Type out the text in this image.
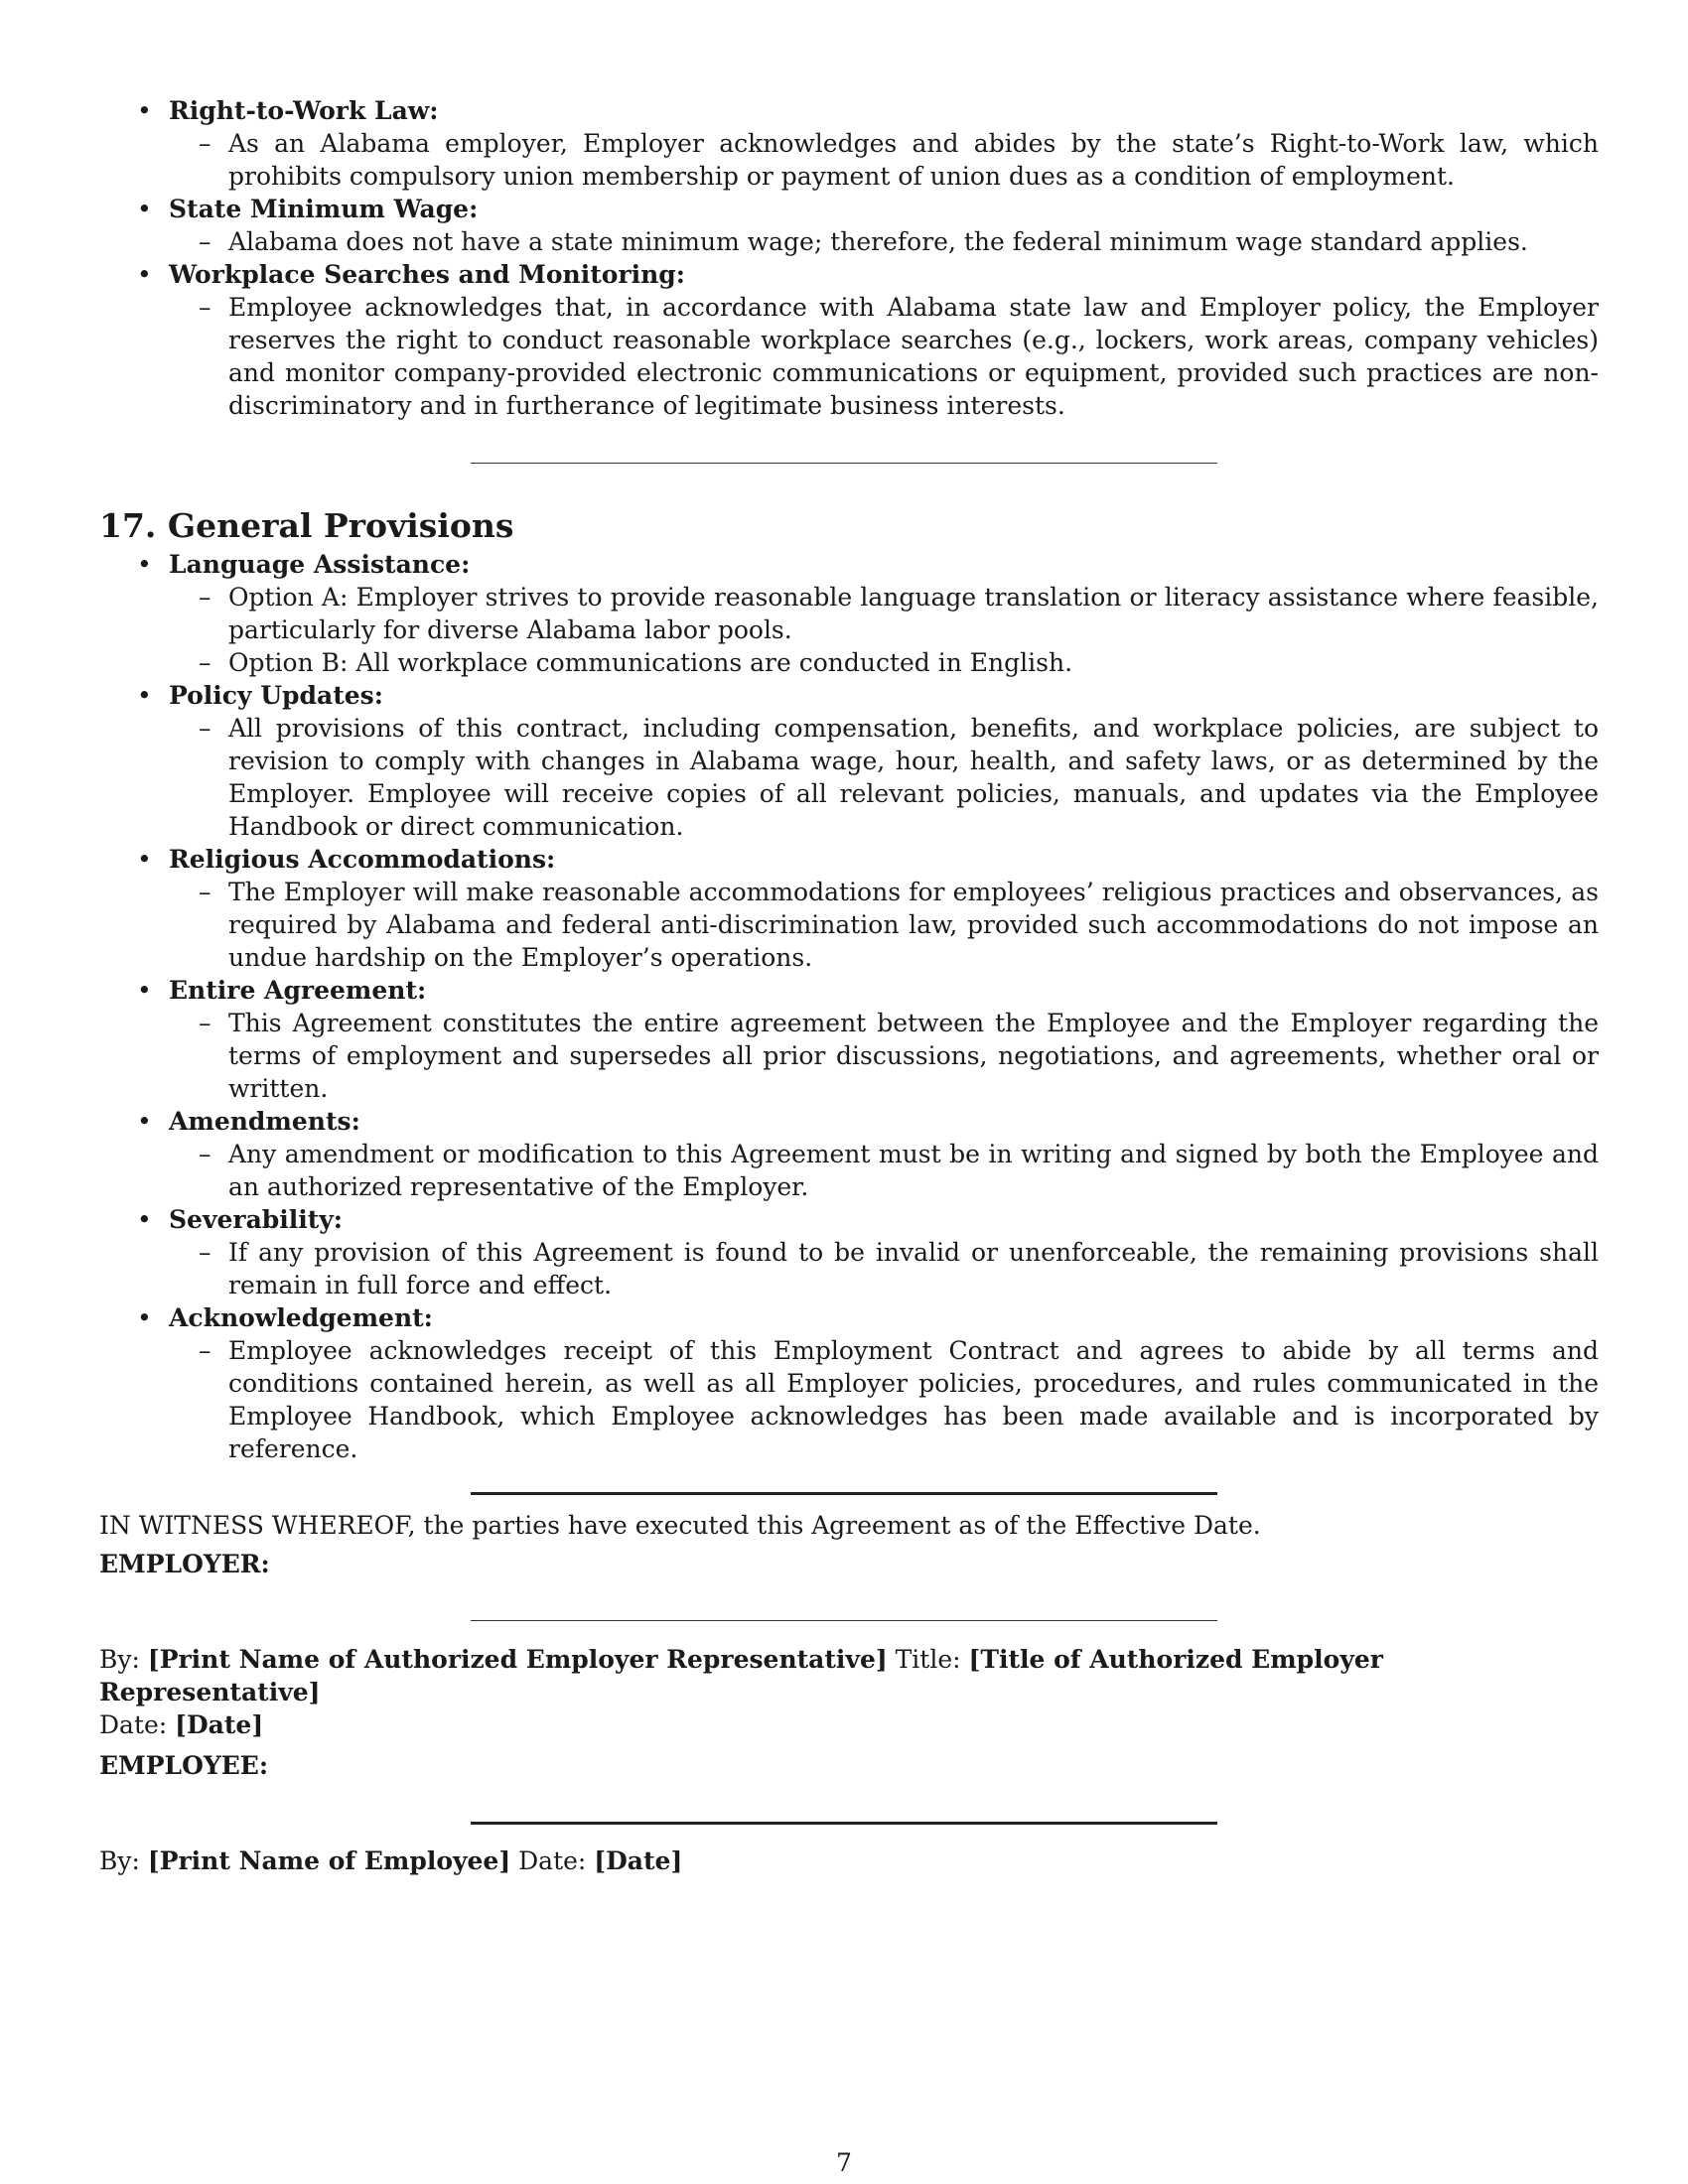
• Right-to-Work Law:
– As an Alabama employer, Employer acknowledges and abides by the state’s Right-to-Work law, which prohibits compulsory union membership or payment of union dues as a condition of employment.
• State Minimum Wage:
– Alabama does not have a state minimum wage; therefore, the federal minimum wage standard applies.
• Workplace Searches and Monitoring:
– Employee acknowledges that, in accordance with Alabama state law and Employer policy, the Employer reserves the right to conduct reasonable workplace searches (e.g., lockers, work areas, company vehicles) and monitor company-provided electronic communications or equipment, provided such practices are non-discriminatory and in furtherance of legitimate business interests.
17. General Provisions
• Language Assistance:
– Option A: Employer strives to provide reasonable language translation or literacy assistance where feasible, particularly for diverse Alabama labor pools.
– Option B: All workplace communications are conducted in English.
• Policy Updates:
– All provisions of this contract, including compensation, benefits, and workplace policies, are subject to revision to comply with changes in Alabama wage, hour, health, and safety laws, or as determined by the Employer. Employee will receive copies of all relevant policies, manuals, and updates via the Employee Handbook or direct communication.
• Religious Accommodations:
– The Employer will make reasonable accommodations for employees’ religious practices and observances, as required by Alabama and federal anti-discrimination law, provided such accommodations do not impose an undue hardship on the Employer’s operations.
• Entire Agreement:
– This Agreement constitutes the entire agreement between the Employee and the Employer regarding the terms of employment and supersedes all prior discussions, negotiations, and agreements, whether oral or written.
• Amendments:
– Any amendment or modification to this Agreement must be in writing and signed by both the Employee and an authorized representative of the Employer.
• Severability:
– If any provision of this Agreement is found to be invalid or unenforceable, the remaining provisions shall remain in full force and effect.
• Acknowledgement:
– Employee acknowledges receipt of this Employment Contract and agrees to abide by all terms and conditions contained herein, as well as all Employer policies, procedures, and rules communicated in the Employee Handbook, which Employee acknowledges has been made available and is incorporated by reference.
IN WITNESS WHEREOF, the parties have executed this Agreement as of the Effective Date.
EMPLOYER:
By: [Print Name of Authorized Employer Representative] Title: [Title of Authorized Employer Representative]
Date: [Date]
EMPLOYEE:
By: [Print Name of Employee] Date: [Date]
7
